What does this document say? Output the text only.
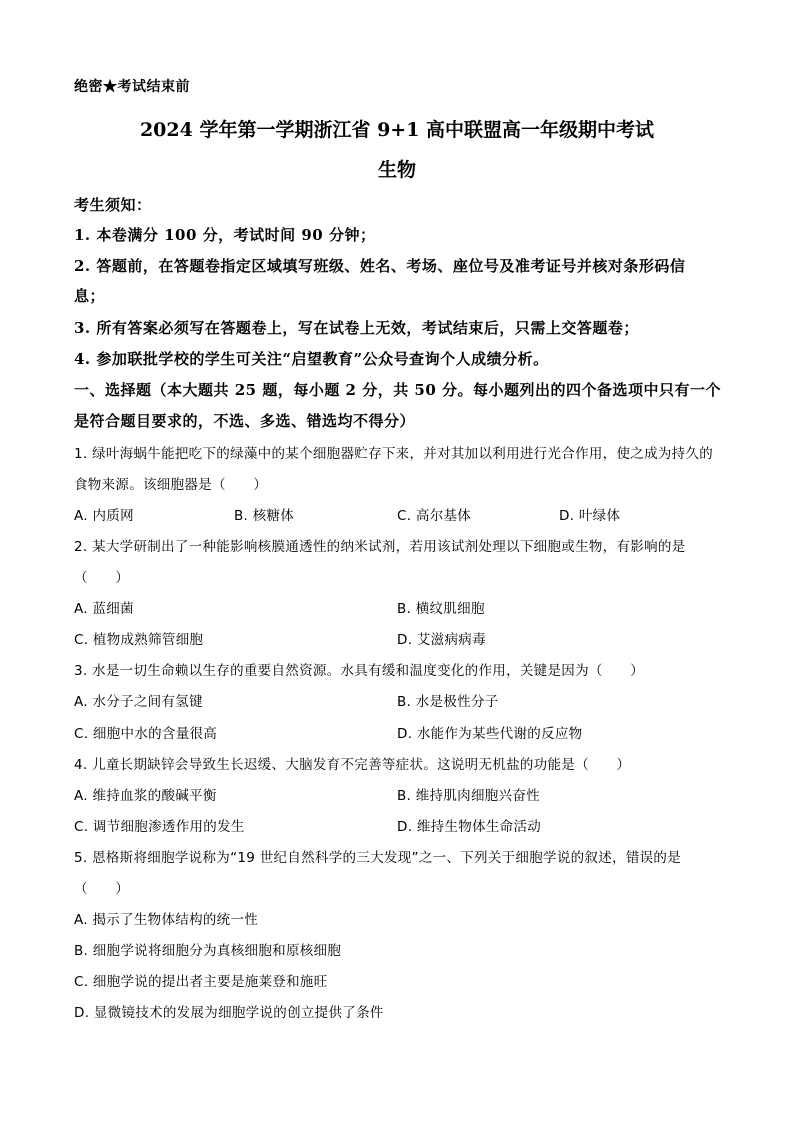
绝密★考试结束前
2024 学年第一学期浙江省 9+1 高中联盟高一年级期中考试
生物
考生须知：
1. 本卷满分 100 分，考试时间 90 分钟；
2. 答题前，在答题卷指定区域填写班级、姓名、考场、座位号及准考证号并核对条形码信
息；
3. 所有答案必须写在答题卷上，写在试卷上无效，考试结束后，只需上交答题卷；
4. 参加联批学校的学生可关注“启望教育”公众号查询个人成绩分析。
一、选择题（本大题共 25 题，每小题 2 分，共 50 分。每小题列出的四个备选项中只有一个
是符合题目要求的，不选、多选、错选均不得分）
1. 绿叶海蜗牛能把吃下的绿藻中的某个细胞器贮存下来，并对其加以利用进行光合作用，使之成为持久的
食物来源。该细胞器是（　　）
A. 内质网	B. 核糖体	C. 高尔基体	D. 叶绿体
2. 某大学研制出了一种能影响核膜通透性的纳米试剂，若用该试剂处理以下细胞或生物，有影响的是
（　　）
A. 蓝细菌	B. 横纹肌细胞
C. 植物成熟筛管细胞	D. 艾滋病病毒
3. 水是一切生命赖以生存的重要自然资源。水具有缓和温度变化的作用，关键是因为（　　）
A. 水分子之间有氢键	B. 水是极性分子
C. 细胞中水的含量很高	D. 水能作为某些代谢的反应物
4. 儿童长期缺锌会导致生长迟缓、大脑发育不完善等症状。这说明无机盐的功能是（　　）
A. 维持血浆的酸碱平衡	B. 维持肌肉细胞兴奋性
C. 调节细胞渗透作用的发生	D. 维持生物体生命活动
5. 恩格斯将细胞学说称为“19 世纪自然科学的三大发现”之一、下列关于细胞学说的叙述，错误的是
（　　）
A. 揭示了生物体结构的统一性
B. 细胞学说将细胞分为真核细胞和原核细胞
C. 细胞学说的提出者主要是施莱登和施旺
D. 显微镜技术的发展为细胞学说的创立提供了条件
